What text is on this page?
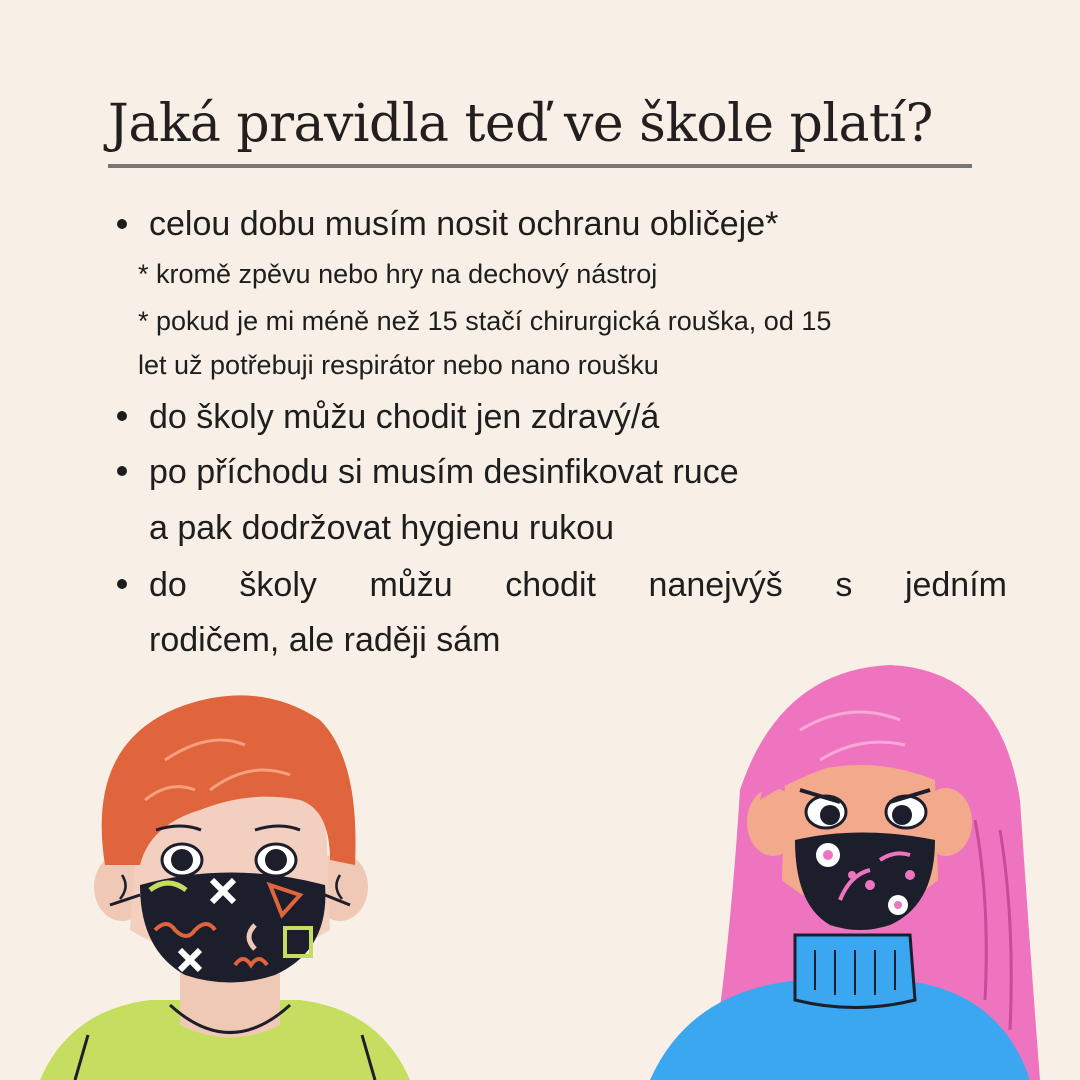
Jaká pravidla teď ve škole platí?
celou dobu musím nosit ochranu obličeje*
* kromě zpěvu nebo hry na dechový nástroj
* pokud je mi méně než 15 stačí chirurgická rouška, od 15
let už potřebuji respirátor nebo nano roušku
do školy můžu chodit jen zdravý/á
po příchodu si musím desinfikovat ruce
a pak dodržovat hygienu rukou
do školy můžu chodit nanejvýš s jedním
rodičem, ale raději sám
